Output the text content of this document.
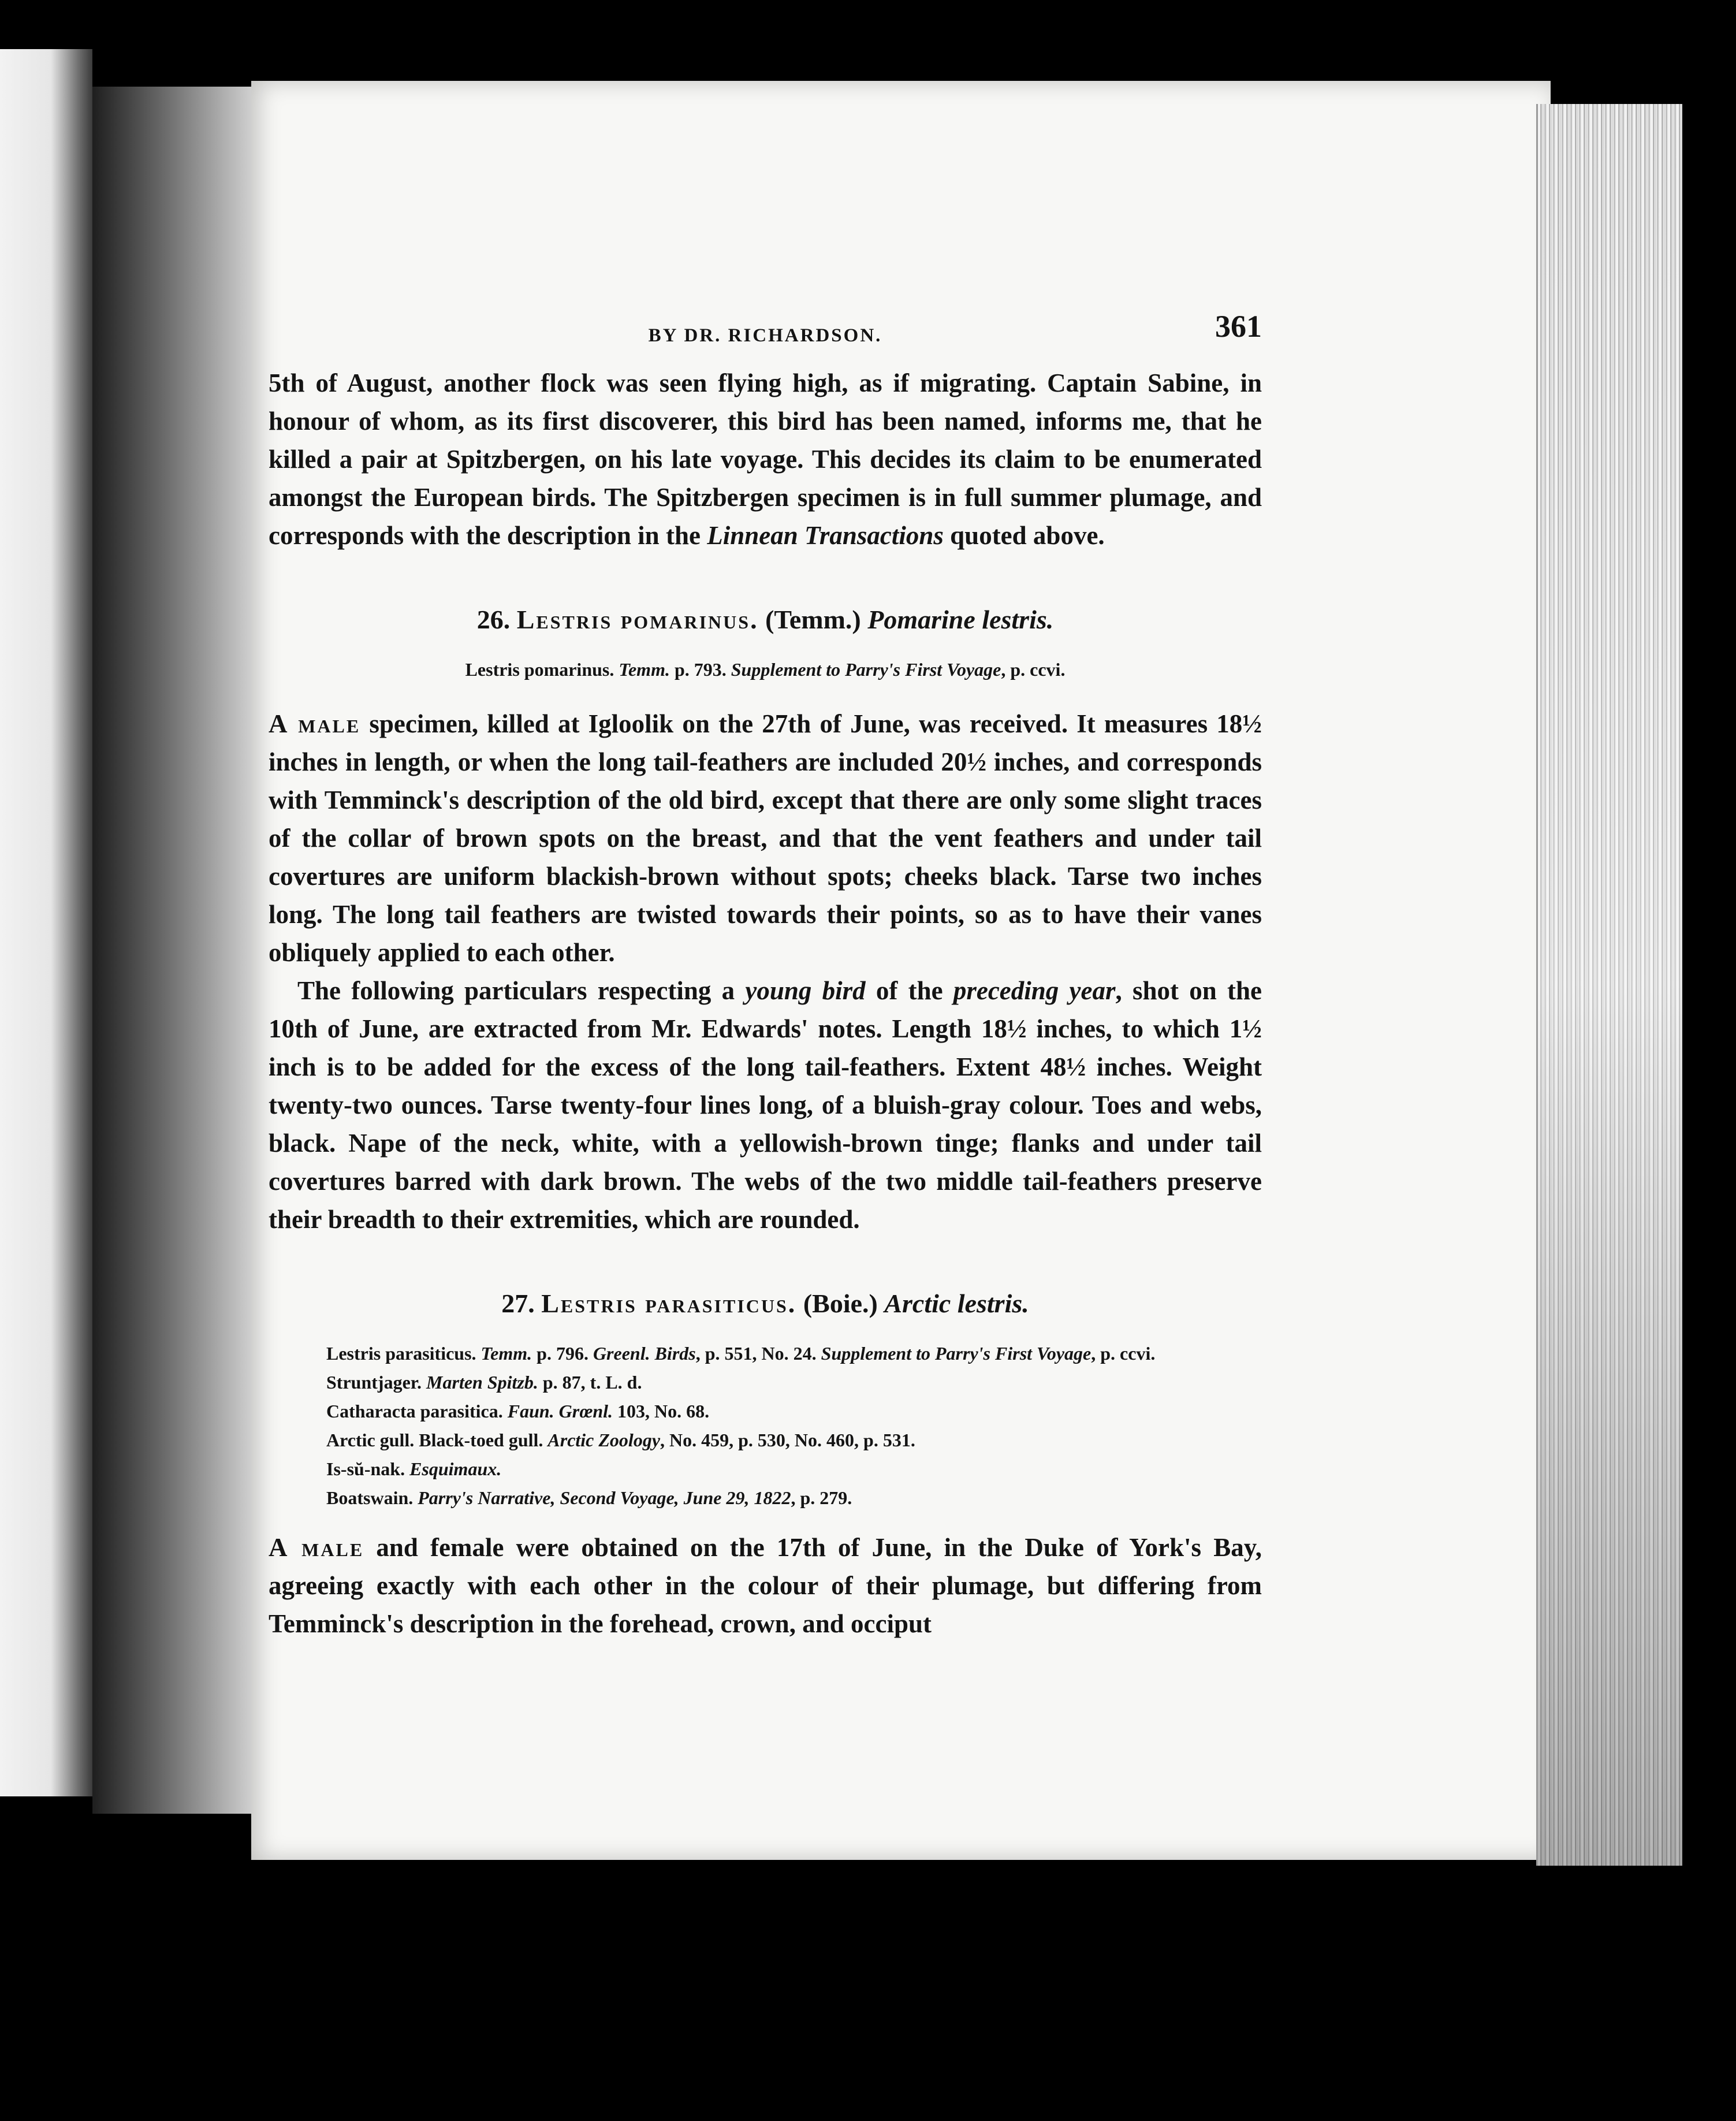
BY DR. RICHARDSON.	361

5th of August, another flock was seen flying high, as if migrating. Captain Sabine, in honour of whom, as its first discoverer, this bird has been named, informs me, that he killed a pair at Spitzbergen, on his late voyage. This decides its claim to be enumerated amongst the European birds. The Spitzbergen specimen is in full summer plumage, and corresponds with the description in the Linnean Transactions quoted above.

26. Lestris pomarinus. (Temm.) Pomarine lestris.
Lestris pomarinus. Temm. p. 793. Supplement to Parry's First Voyage, p. ccvi.

A male specimen, killed at Igloolik on the 27th of June, was received. It measures 18½ inches in length, or when the long tail-feathers are included 20½ inches, and corresponds with Temminck's description of the old bird, except that there are only some slight traces of the collar of brown spots on the breast, and that the vent feathers and under tail covertures are uniform blackish-brown without spots; cheeks black. Tarse two inches long. The long tail feathers are twisted towards their points, so as to have their vanes obliquely applied to each other.

The following particulars respecting a young bird of the preceding year, shot on the 10th of June, are extracted from Mr. Edwards' notes. Length 18½ inches, to which 1½ inch is to be added for the excess of the long tail-feathers. Extent 48½ inches. Weight twenty-two ounces. Tarse twenty-four lines long, of a bluish-gray colour. Toes and webs, black. Nape of the neck, white, with a yellowish-brown tinge; flanks and under tail covertures barred with dark brown. The webs of the two middle tail-feathers preserve their breadth to their extremities, which are rounded.

27. Lestris parasiticus. (Boie.) Arctic lestris.
Lestris parasiticus. Temm. p. 796. Greenl. Birds, p. 551, No. 24. Supplement to Parry's First Voyage, p. ccvi.
Struntjager. Marten Spitzb. p. 87, t. L. d.
Catharacta parasitica. Faun. Grœnl. 103, No. 68.
Arctic gull. Black-toed gull. Arctic Zoology, No. 459, p. 530, No. 460, p. 531.
Is-sŭ-nak. Esquimaux.
Boatswain. Parry's Narrative, Second Voyage, June 29, 1822, p. 279.

A male and female were obtained on the 17th of June, in the Duke of York's Bay, agreeing exactly with each other in the colour of their plumage, but differing from Temminck's description in the forehead, crown, and occiput
